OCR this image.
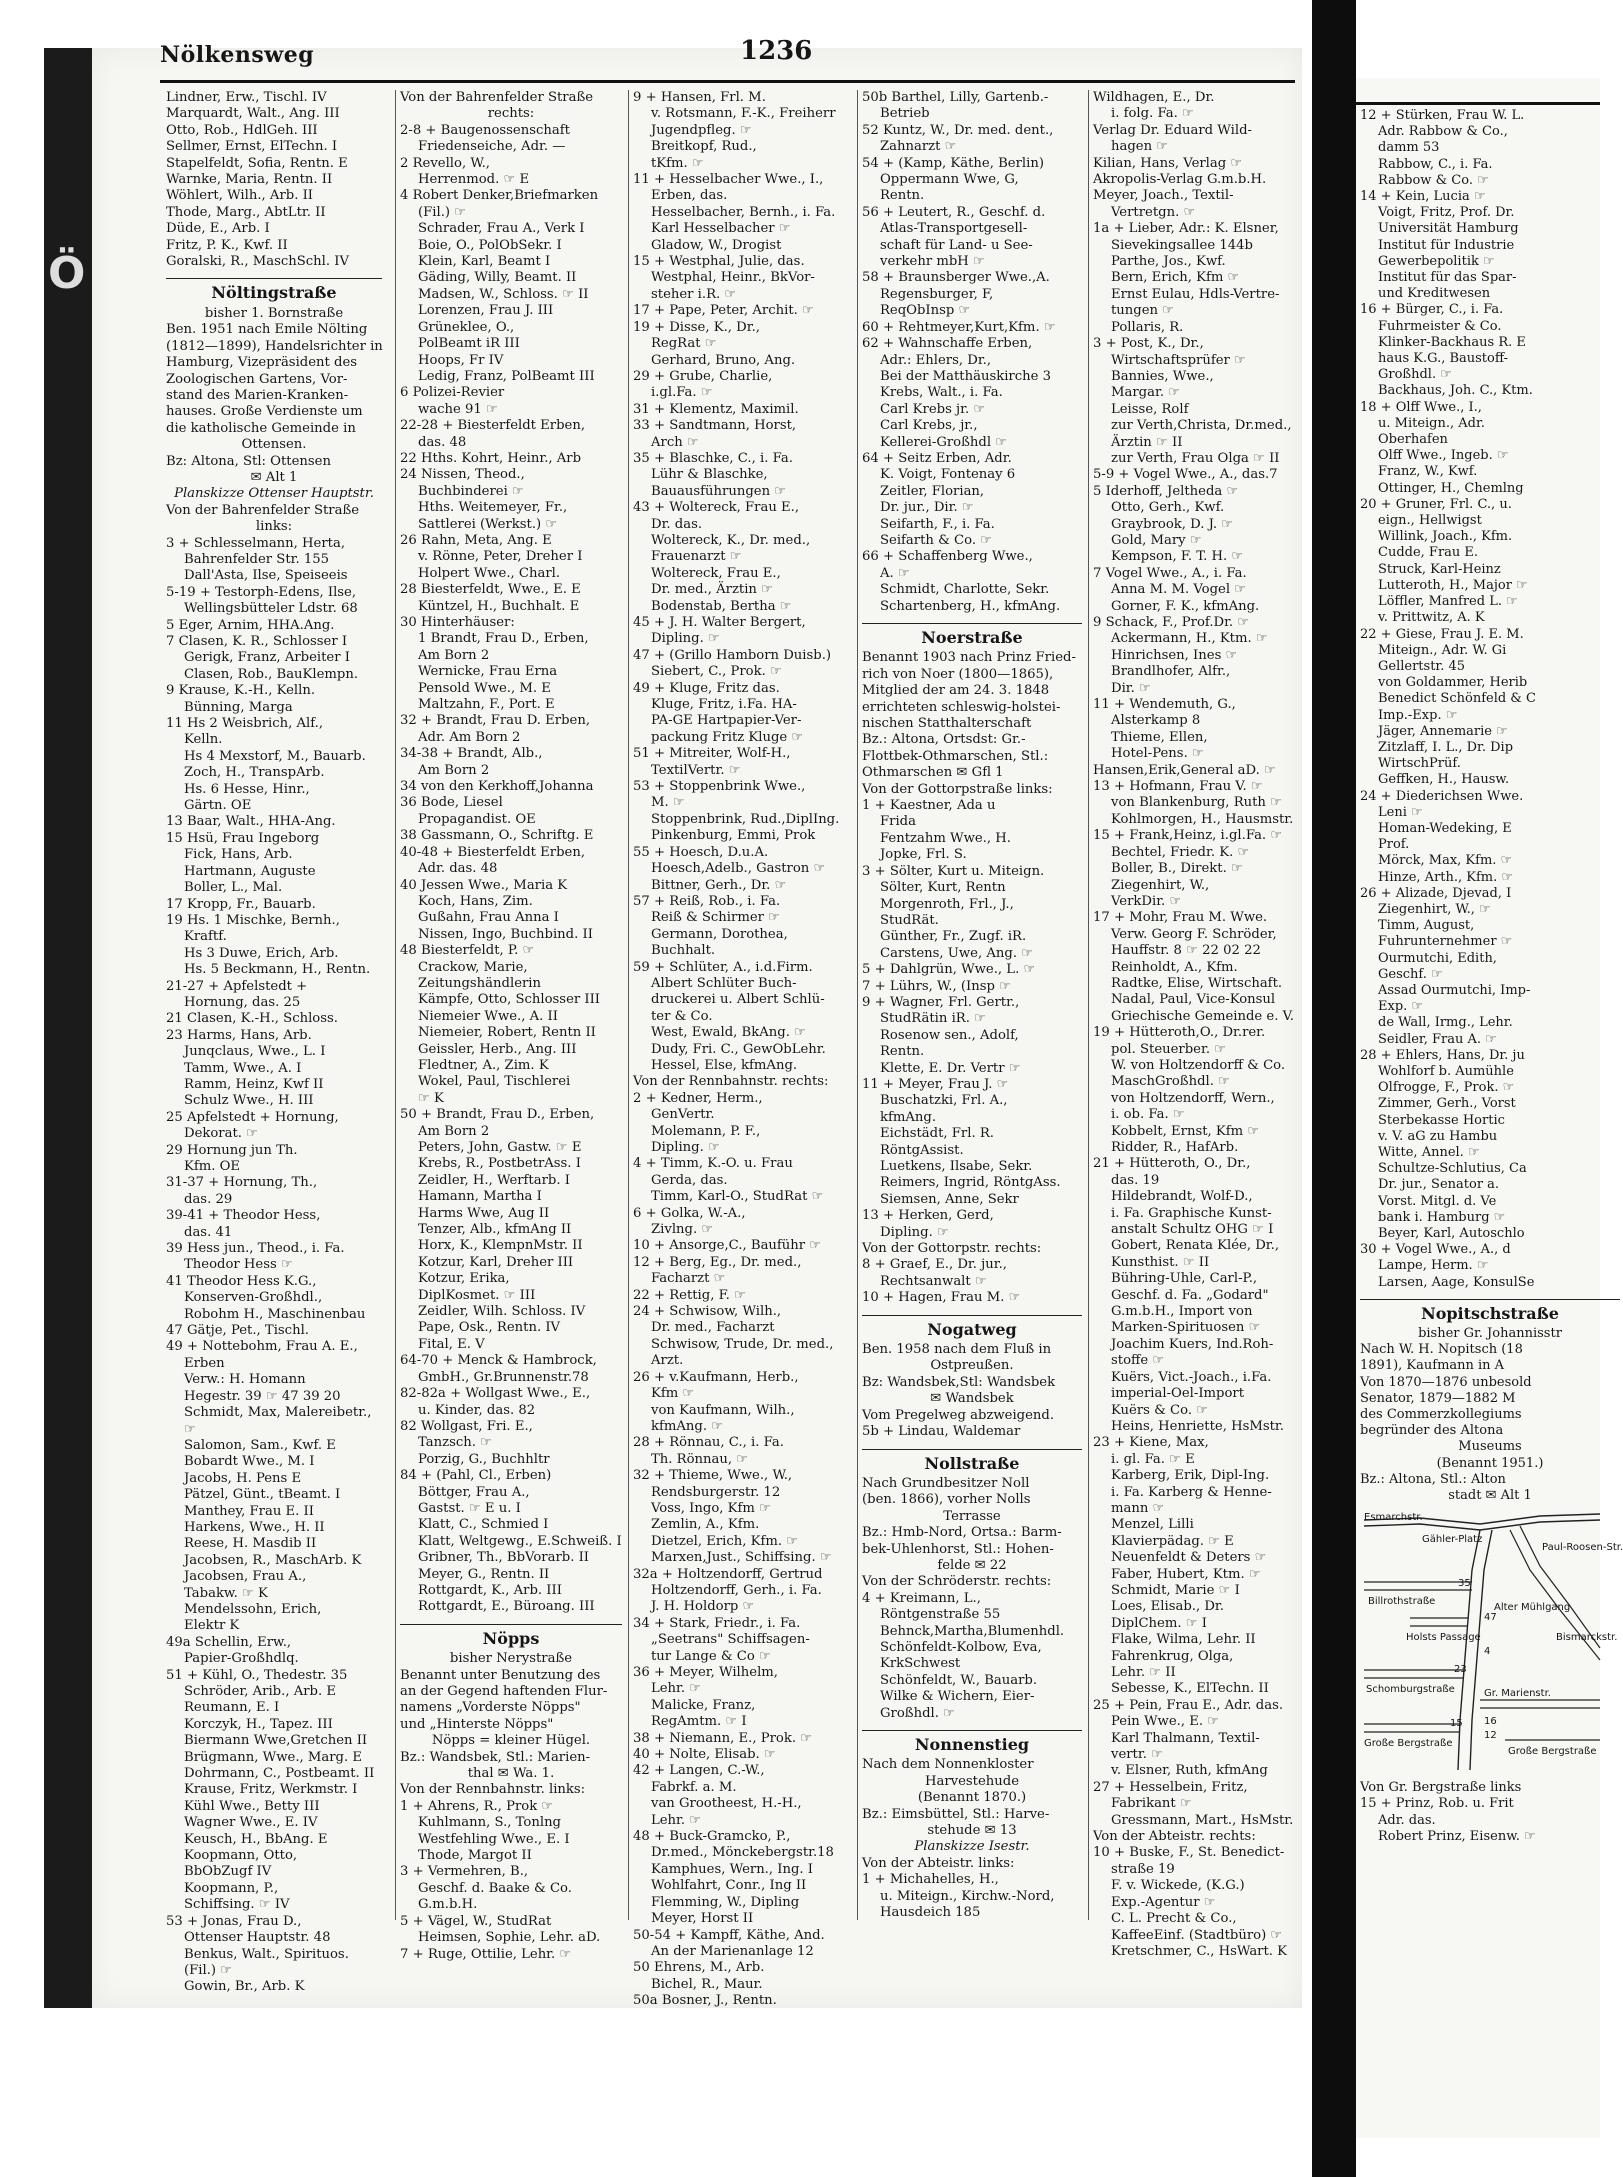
Ö
Nölkensweg	1236
Lindner, Erw., Tischl. IV
Marquardt, Walt., Ang. III
Otto, Rob., HdlGeh. III
Sellmer, Ernst, ElTechn. I
Stapelfeldt, Sofia, Rentn. E
Warnke, Maria, Rentn. II
Wöhlert, Wilh., Arb. II
Thode, Marg., AbtLtr. II
Düde, E., Arb. I
Fritz, P. K., Kwf. II
Goralski, R., MaschSchl. IV
Nöltingstraße
bisher 1. Bornstraße
Ben. 1951 nach Emile Nölting
(1812—1899), Handelsrichter in
Hamburg, Vizepräsident des
Zoologischen Gartens, Vor-
stand des Marien-Kranken-
hauses. Große Verdienste um
die katholische Gemeinde in
Ottensen.
Bz: Altona, Stl: Ottensen
✉ Alt 1
Planskizze Ottenser Hauptstr.
Von der Bahrenfelder Straße
links:
3 + Schlesselmann, Herta,
Bahrenfelder Str. 155
Dall'Asta, Ilse, Speiseeis
5-19 + Testorph-Edens, Ilse,
Wellingsbütteler Ldstr. 68
5 Eger, Arnim, HHA.Ang.
7 Clasen, K. R., Schlosser I
Gerigk, Franz, Arbeiter I
Clasen, Rob., BauKlempn.
9 Krause, K.-H., Kelln.
Bünning, Marga
11 Hs 2 Weisbrich, Alf.,
Kelln.
Hs 4 Mexstorf, M., Bauarb.
Zoch, H., TranspArb.
Hs. 6 Hesse, Hinr.,
Gärtn. OE
13 Baar, Walt., HHA-Ang.
15 Hsü, Frau Ingeborg
Fick, Hans, Arb.
Hartmann, Auguste
Boller, L., Mal.
17 Kropp, Fr., Bauarb.
19 Hs. 1 Mischke, Bernh.,
Kraftf.
Hs 3 Duwe, Erich, Arb.
Hs. 5 Beckmann, H., Rentn.
21-27 + Apfelstedt +
Hornung, das. 25
21 Clasen, K.-H., Schloss.
23 Harms, Hans, Arb.
Junqclaus, Wwe., L. I
Tamm, Wwe., A. I
Ramm, Heinz, Kwf II
Schulz Wwe., H. III
25 Apfelstedt + Hornung,
Dekorat. ☞
29 Hornung jun Th.
Kfm. OE
31-37 + Hornung, Th.,
das. 29
39-41 + Theodor Hess,
das. 41
39 Hess jun., Theod., i. Fa.
Theodor Hess ☞
41 Theodor Hess K.G.,
Konserven-Großhdl.,
Robohm H., Maschinenbau
47 Gätje, Pet., Tischl.
49 + Nottebohm, Frau A. E.,
Erben
Verw.: H. Homann
Hegestr. 39 ☞ 47 39 20
Schmidt, Max, Malereibetr.,
☞
Salomon, Sam., Kwf. E
Bobardt Wwe., M. I
Jacobs, H. Pens E
Pätzel, Günt., tBeamt. I
Manthey, Frau E. II
Harkens, Wwe., H. II
Reese, H. Masdib II
Jacobsen, R., MaschArb. K
Jacobsen, Frau A.,
Tabakw. ☞ K
Mendelssohn, Erich,
Elektr K
49a Schellin, Erw.,
Papier-Großhdlq.
51 + Kühl, O., Thedestr. 35
Schröder, Arib., Arb. E
Reumann, E. I
Korczyk, H., Tapez. III
Biermann Wwe,Gretchen II
Brügmann, Wwe., Marg. E
Dohrmann, C., Postbeamt. II
Krause, Fritz, Werkmstr. I
Kühl Wwe., Betty III
Wagner Wwe., E. IV
Keusch, H., BbAng. E
Koopmann, Otto,
BbObZugf IV
Koopmann, P.,
Schiffsing. ☞ IV
53 + Jonas, Frau D.,
Ottenser Hauptstr. 48
Benkus, Walt., Spirituos.
(Fil.) ☞
Gowin, Br., Arb. K
Von der Bahrenfelder Straße
rechts:
2-8 + Baugenossenschaft
Friedenseiche, Adr. —
2 Revello, W.,
Herrenmod. ☞ E
4 Robert Denker,Briefmarken
(Fil.) ☞
Schrader, Frau A., Verk I
Boie, O., PolObSekr. I
Klein, Karl, Beamt I
Gäding, Willy, Beamt. II
Madsen, W., Schloss. ☞ II
Lorenzen, Frau J. III
Grüneklee, O.,
PolBeamt iR III
Hoops, Fr IV
Ledig, Franz, PolBeamt III
6 Polizei-Revier
wache 91 ☞
22-28 + Biesterfeldt Erben,
das. 48
22 Hths. Kohrt, Heinr., Arb
24 Nissen, Theod.,
Buchbinderei ☞
Hths. Weitemeyer, Fr.,
Sattlerei (Werkst.) ☞
26 Rahn, Meta, Ang. E
v. Rönne, Peter, Dreher I
Holpert Wwe., Charl.
28 Biesterfeldt, Wwe., E. E
Küntzel, H., Buchhalt. E
30 Hinterhäuser:
1 Brandt, Frau D., Erben,
Am Born 2
Wernicke, Frau Erna
Pensold Wwe., M. E
Maltzahn, F., Port. E
32 + Brandt, Frau D. Erben,
Adr. Am Born 2
34-38 + Brandt, Alb.,
Am Born 2
34 von den Kerkhoff,Johanna
36 Bode, Liesel
Propagandist. OE
38 Gassmann, O., Schriftg. E
40-48 + Biesterfeldt Erben,
Adr. das. 48
40 Jessen Wwe., Maria K
Koch, Hans, Zim.
Gußahn, Frau Anna I
Nissen, Ingo, Buchbind. II
48 Biesterfeldt, P. ☞
Crackow, Marie,
Zeitungshändlerin
Kämpfe, Otto, Schlosser III
Niemeier Wwe., A. II
Niemeier, Robert, Rentn II
Geissler, Herb., Ang. III
Fledtner, A., Zim. K
Wokel, Paul, Tischlerei
☞ K
50 + Brandt, Frau D., Erben,
Am Born 2
Peters, John, Gastw. ☞ E
Krebs, R., PostbetrAss. I
Zeidler, H., Werftarb. I
Hamann, Martha I
Harms Wwe, Aug II
Tenzer, Alb., kfmAng II
Horx, K., KlempnMstr. II
Kotzur, Karl, Dreher III
Kotzur, Erika,
DiplKosmet. ☞ III
Zeidler, Wilh. Schloss. IV
Pape, Osk., Rentn. IV
Fital, E. V
64-70 + Menck & Hambrock,
GmbH., Gr.Brunnenstr.78
82-82a + Wollgast Wwe., E.,
u. Kinder, das. 82
82 Wollgast, Fri. E.,
Tanzsch. ☞
Porzig, G., Buchhltr
84 + (Pahl, Cl., Erben)
Böttger, Frau A.,
Gastst. ☞ E u. I
Klatt, C., Schmied I
Klatt, Weltgewg., E.Schweiß. I
Gribner, Th., BbVorarb. II
Meyer, G., Rentn. II
Rottgardt, K., Arb. III
Rottgardt, E., Büroang. III
Nöpps
bisher Nerystraße
Benannt unter Benutzung des
an der Gegend haftenden Flur-
namens „Vorderste Nöpps"
und „Hinterste Nöpps"
Nöpps = kleiner Hügel.
Bz.: Wandsbek, Stl.: Marien-
thal ✉ Wa. 1.
Von der Rennbahnstr. links:
1 + Ahrens, R., Prok ☞
Kuhlmann, S., Tonlng
Westfehling Wwe., E. I
Thode, Margot II
3 + Vermehren, B.,
Geschf. d. Baake & Co.
G.m.b.H.
5 + Vägel, W., StudRat
Heimsen, Sophie, Lehr. aD.
7 + Ruge, Ottilie, Lehr. ☞
9 + Hansen, Frl. M.
v. Rotsmann, F.-K., Freiherr
Jugendpfleg. ☞
Breitkopf, Rud.,
tKfm. ☞
11 + Hesselbacher Wwe., I.,
Erben, das.
Hesselbacher, Bernh., i. Fa.
Karl Hesselbacher ☞
Gladow, W., Drogist
15 + Westphal, Julie, das.
Westphal, Heinr., BkVor-
steher i.R. ☞
17 + Pape, Peter, Archit. ☞
19 + Disse, K., Dr.,
RegRat ☞
Gerhard, Bruno, Ang.
29 + Grube, Charlie,
i.gl.Fa. ☞
31 + Klementz, Maximil.
33 + Sandtmann, Horst,
Arch ☞
35 + Blaschke, C., i. Fa.
Lühr & Blaschke,
Bauausführungen ☞
43 + Woltereck, Frau E.,
Dr. das.
Woltereck, K., Dr. med.,
Frauenarzt ☞
Woltereck, Frau E.,
Dr. med., Ärztin ☞
Bodenstab, Bertha ☞
45 + J. H. Walter Bergert,
Dipling. ☞
47 + (Grillo Hamborn Duisb.)
Siebert, C., Prok. ☞
49 + Kluge, Fritz das.
Kluge, Fritz, i.Fa. HA-
PA-GE Hartpapier-Ver-
packung Fritz Kluge ☞
51 + Mitreiter, Wolf-H.,
TextilVertr. ☞
53 + Stoppenbrink Wwe.,
M. ☞
Stoppenbrink, Rud.,DiplIng.
Pinkenburg, Emmi, Prok
55 + Hoesch, D.u.A.
Hoesch,Adelb., Gastron ☞
Bittner, Gerh., Dr. ☞
57 + Reiß, Rob., i. Fa.
Reiß & Schirmer ☞
Germann, Dorothea,
Buchhalt.
59 + Schlüter, A., i.d.Firm.
Albert Schlüter Buch-
druckerei u. Albert Schlü-
ter & Co.
West, Ewald, BkAng. ☞
Dudy, Fri. C., GewObLehr.
Hessel, Else, kfmAng.
Von der Rennbahnstr. rechts:
2 + Kedner, Herm.,
GenVertr.
Molemann, P. F.,
Dipling. ☞
4 + Timm, K.-O. u. Frau
Gerda, das.
Timm, Karl-O., StudRat ☞
6 + Golka, W.-A.,
Zivlng. ☞
10 + Ansorge,C., Bauführ ☞
12 + Berg, Eg., Dr. med.,
Facharzt ☞
22 + Rettig, F. ☞
24 + Schwisow, Wilh.,
Dr. med., Facharzt
Schwisow, Trude, Dr. med.,
Arzt.
26 + v.Kaufmann, Herb.,
Kfm ☞
von Kaufmann, Wilh.,
kfmAng. ☞
28 + Rönnau, C., i. Fa.
Th. Rönnau, ☞
32 + Thieme, Wwe., W.,
Rendsburgerstr. 12
Voss, Ingo, Kfm ☞
Zemlin, A., Kfm.
Dietzel, Erich, Kfm. ☞
Marxen,Just., Schiffsing. ☞
32a + Holtzendorff, Gertrud
Holtzendorff, Gerh., i. Fa.
J. H. Holdorp ☞
34 + Stark, Friedr., i. Fa.
„Seetrans" Schiffsagen-
tur Lange & Co ☞
36 + Meyer, Wilhelm,
Lehr. ☞
Malicke, Franz,
RegAmtm. ☞ I
38 + Niemann, E., Prok. ☞
40 + Nolte, Elisab. ☞
42 + Langen, C.-W.,
Fabrkf. a. M.
van Grootheest, H.-H.,
Lehr. ☞
48 + Buck-Gramcko, P.,
Dr.med., Mönckebergstr.18
Kamphues, Wern., Ing. I
Wohlfahrt, Conr., Ing II
Flemming, W., Dipling
Meyer, Horst II
50-54 + Kampff, Käthe, And.
An der Marienanlage 12
50 Ehrens, M., Arb.
Bichel, R., Maur.
50a Bosner, J., Rentn.
50b Barthel, Lilly, Gartenb.-
Betrieb
52 Kuntz, W., Dr. med. dent.,
Zahnarzt ☞
54 + (Kamp, Käthe, Berlin)
Oppermann Wwe, G,
Rentn.
56 + Leutert, R., Geschf. d.
Atlas-Transportgesell-
schaft für Land- u See-
verkehr mbH ☞
58 + Braunsberger Wwe.,A.
Regensburger, F,
ReqObInsp ☞
60 + Rehtmeyer,Kurt,Kfm. ☞
62 + Wahnschaffe Erben,
Adr.: Ehlers, Dr.,
Bei der Matthäuskirche 3
Krebs, Walt., i. Fa.
Carl Krebs jr. ☞
Carl Krebs, jr.,
Kellerei-Großhdl ☞
64 + Seitz Erben, Adr.
K. Voigt, Fontenay 6
Zeitler, Florian,
Dr. jur., Dir. ☞
Seifarth, F., i. Fa.
Seifarth & Co. ☞
66 + Schaffenberg Wwe.,
A. ☞
Schmidt, Charlotte, Sekr.
Schartenberg, H., kfmAng.
Noerstraße
Benannt 1903 nach Prinz Fried-
rich von Noer (1800—1865),
Mitglied der am 24. 3. 1848
errichteten schleswig-holstei-
nischen Statthalterschaft
Bz.: Altona, Ortsdst: Gr.-
Flottbek-Othmarschen, Stl.:
Othmarschen ✉ Gfl 1
Von der Gottorpstraße links:
1 + Kaestner, Ada u
Frida
Fentzahm Wwe., H.
Jopke, Frl. S.
3 + Sölter, Kurt u. Miteign.
Sölter, Kurt, Rentn
Morgenroth, Frl., J.,
StudRät.
Günther, Fr., Zugf. iR.
Carstens, Uwe, Ang. ☞
5 + Dahlgrün, Wwe., L. ☞
7 + Lührs, W., (Insp ☞
9 + Wagner, Frl. Gertr.,
StudRätin iR. ☞
Rosenow sen., Adolf,
Rentn.
Klette, E. Dr. Vertr ☞
11 + Meyer, Frau J. ☞
Buschatzki, Frl. A.,
kfmAng.
Eichstädt, Frl. R.
RöntgAssist.
Luetkens, Ilsabe, Sekr.
Reimers, Ingrid, RöntgAss.
Siemsen, Anne, Sekr
13 + Herken, Gerd,
Dipling. ☞
Von der Gottorpstr. rechts:
8 + Graef, E., Dr. jur.,
Rechtsanwalt ☞
10 + Hagen, Frau M. ☞
Nogatweg
Ben. 1958 nach dem Fluß in
Ostpreußen.
Bz: Wandsbek,Stl: Wandsbek
✉ Wandsbek
Vom Pregelweg abzweigend.
5b + Lindau, Waldemar
Nollstraße
Nach Grundbesitzer Noll
(ben. 1866), vorher Nolls
Terrasse
Bz.: Hmb-Nord, Ortsa.: Barm-
bek-Uhlenhorst, Stl.: Hohen-
felde ✉ 22
Von der Schröderstr. rechts:
4 + Kreimann, L.,
Röntgenstraße 55
Behnck,Martha,Blumenhdl.
Schönfeldt-Kolbow, Eva,
KrkSchwest
Schönfeldt, W., Bauarb.
Wilke & Wichern, Eier-
Großhdl. ☞
Nonnenstieg
Nach dem Nonnenkloster
Harvestehude
(Benannt 1870.)
Bz.: Eimsbüttel, Stl.: Harve-
stehude ✉ 13
Planskizze Isestr.
Von der Abteistr. links:
1 + Michahelles, H.,
u. Miteign., Kirchw.-Nord,
Hausdeich 185
Wildhagen, E., Dr.
i. folg. Fa. ☞
Verlag Dr. Eduard Wild-
hagen ☞
Kilian, Hans, Verlag ☞
Akropolis-Verlag G.m.b.H.
Meyer, Joach., Textil-
Vertretgn. ☞
1a + Lieber, Adr.: K. Elsner,
Sievekingsallee 144b
Parthe, Jos., Kwf.
Bern, Erich, Kfm ☞
Ernst Eulau, Hdls-Vertre-
tungen ☞
Pollaris, R.
3 + Post, K., Dr.,
Wirtschaftsprüfer ☞
Bannies, Wwe.,
Margar. ☞
Leisse, Rolf
zur Verth,Christa, Dr.med.,
Ärztin ☞ II
zur Verth, Frau Olga ☞ II
5-9 + Vogel Wwe., A., das.7
5 Iderhoff, Jeltheda ☞
Otto, Gerh., Kwf.
Graybrook, D. J. ☞
Gold, Mary ☞
Kempson, F. T. H. ☞
7 Vogel Wwe., A., i. Fa.
Anna M. M. Vogel ☞
Gorner, F. K., kfmAng.
9 Schack, F., Prof.Dr. ☞
Ackermann, H., Ktm. ☞
Hinrichsen, Ines ☞
Brandlhofer, Alfr.,
Dir. ☞
11 + Wendemuth, G.,
Alsterkamp 8
Thieme, Ellen,
Hotel-Pens. ☞
Hansen,Erik,General aD. ☞
13 + Hofmann, Frau V. ☞
von Blankenburg, Ruth ☞
Kohlmorgen, H., Hausmstr.
15 + Frank,Heinz, i.gl.Fa. ☞
Bechtel, Friedr. K. ☞
Boller, B., Direkt. ☞
Ziegenhirt, W.,
VerkDir. ☞
17 + Mohr, Frau M. Wwe.
Verw. Georg F. Schröder,
Hauffstr. 8 ☞ 22 02 22
Reinholdt, A., Kfm.
Radtke, Elise, Wirtschaft.
Nadal, Paul, Vice-Konsul
Griechische Gemeinde e. V.
19 + Hütteroth,O., Dr.rer.
pol. Steuerber. ☞
W. von Holtzendorff & Co.
MaschGroßhdl. ☞
von Holtzendorff, Wern.,
i. ob. Fa. ☞
Kobbelt, Ernst, Kfm ☞
Ridder, R., HafArb.
21 + Hütteroth, O., Dr.,
das. 19
Hildebrandt, Wolf-D.,
i. Fa. Graphische Kunst-
anstalt Schultz OHG ☞ I
Gobert, Renata Klée, Dr.,
Kunsthist. ☞ II
Bühring-Uhle, Carl-P.,
Geschf. d. Fa. „Godard"
G.m.b.H., Import von
Marken-Spirituosen ☞
Joachim Kuers, Ind.Roh-
stoffe ☞
Kuërs, Vict.-Joach., i.Fa.
imperial-Oel-Import
Kuërs & Co. ☞
Heins, Henriette, HsMstr.
23 + Kiene, Max,
i. gl. Fa. ☞ E
Karberg, Erik, Dipl-Ing.
i. Fa. Karberg & Henne-
mann ☞
Menzel, Lilli
Klavierpädag. ☞ E
Neuenfeldt & Deters ☞
Faber, Hubert, Ktm. ☞
Schmidt, Marie ☞ I
Loes, Elisab., Dr.
DiplChem. ☞ I
Flake, Wilma, Lehr. II
Fahrenkrug, Olga,
Lehr. ☞ II
Sebesse, K., ElTechn. II
25 + Pein, Frau E., Adr. das.
Pein Wwe., E. ☞
Karl Thalmann, Textil-
vertr. ☞
v. Elsner, Ruth, kfmAng
27 + Hesselbein, Fritz,
Fabrikant ☞
Gressmann, Mart., HsMstr.
Von der Abteistr. rechts:
10 + Buske, F., St. Benedict-
straße 19
F. v. Wickede, (K.G.)
Exp.-Agentur ☞
C. L. Precht & Co.,
KaffeeEinf. (Stadtbüro) ☞
Kretschmer, C., HsWart. K
12 + Stürken, Frau W. L.
Adr. Rabbow & Co.,
damm 53
Rabbow, C., i. Fa.
Rabbow & Co. ☞
14 + Kein, Lucia ☞
Voigt, Fritz, Prof. Dr.
Universität Hamburg
Institut für Industrie
Gewerbepolitik ☞
Institut für das Spar-
und Kreditwesen
16 + Bürger, C., i. Fa.
Fuhrmeister & Co.
Klinker-Backhaus R. E
haus K.G., Baustoff-
Großhdl. ☞
Backhaus, Joh. C., Ktm.
18 + Olff Wwe., I.,
u. Miteign., Adr.
Oberhafen
Olff Wwe., Ingeb. ☞
Franz, W., Kwf.
Ottinger, H., Chemlng
20 + Gruner, Frl. C., u.
eign., Hellwigst
Willink, Joach., Kfm.
Cudde, Frau E.
Struck, Karl-Heinz
Lutteroth, H., Major ☞
Löffler, Manfred L. ☞
v. Prittwitz, A. K
22 + Giese, Frau J. E. M.
Miteign., Adr. W. Gi
Gellertstr. 45
von Goldammer, Herib
Benedict Schönfeld & C
Imp.-Exp. ☞
Jäger, Annemarie ☞
Zitzlaff, I. L., Dr. Dip
WirtschPrüf.
Geffken, H., Hausw.
24 + Diederichsen Wwe.
Leni ☞
Homan-Wedeking, E
Prof.
Mörck, Max, Kfm. ☞
Hinze, Arth., Kfm. ☞
26 + Alizade, Djevad, I
Ziegenhirt, W., ☞
Timm, August,
Fuhrunternehmer ☞
Ourmutchi, Edith,
Geschf. ☞
Assad Ourmutchi, Imp-
Exp. ☞
de Wall, Irmg., Lehr.
Seidler, Frau A. ☞
28 + Ehlers, Hans, Dr. ju
Wohlforf b. Aumühle
Olfrogge, F., Prok. ☞
Zimmer, Gerh., Vorst
Sterbekasse Hortic
v. V. aG zu Hambu
Witte, Annel. ☞
Schultze-Schlutius, Ca
Dr. jur., Senator a.
Vorst. Mitgl. d. Ve
bank i. Hamburg ☞
Beyer, Karl, Autoschlo
30 + Vogel Wwe., A., d
Lampe, Herm. ☞
Larsen, Aage, KonsulSe
Nopitschstraße
bisher Gr. Johannisstr
Nach W. H. Nopitsch (18
1891), Kaufmann in A
Von 1870—1876 unbesold
Senator, 1879—1882 M
des Commerzkollegiums
begründer des Altona
Museums
(Benannt 1951.)
Bz.: Altona, Stl.: Alton
stadt ✉ Alt 1
Esmarchstr.
Gähler-Platz
Paul-Roosen-Str.
Billrothstraße
Holsts Passage
Schomburgstraße
Große Bergstraße
Alter Mühlgang
Gr. Marienstr.
Große Bergstraße
Bismarckstr.
35
23
15 16
12
47
4
Von Gr. Bergstraße links
15 + Prinz, Rob. u. Frit
Adr. das.
Robert Prinz, Eisenw. ☞
